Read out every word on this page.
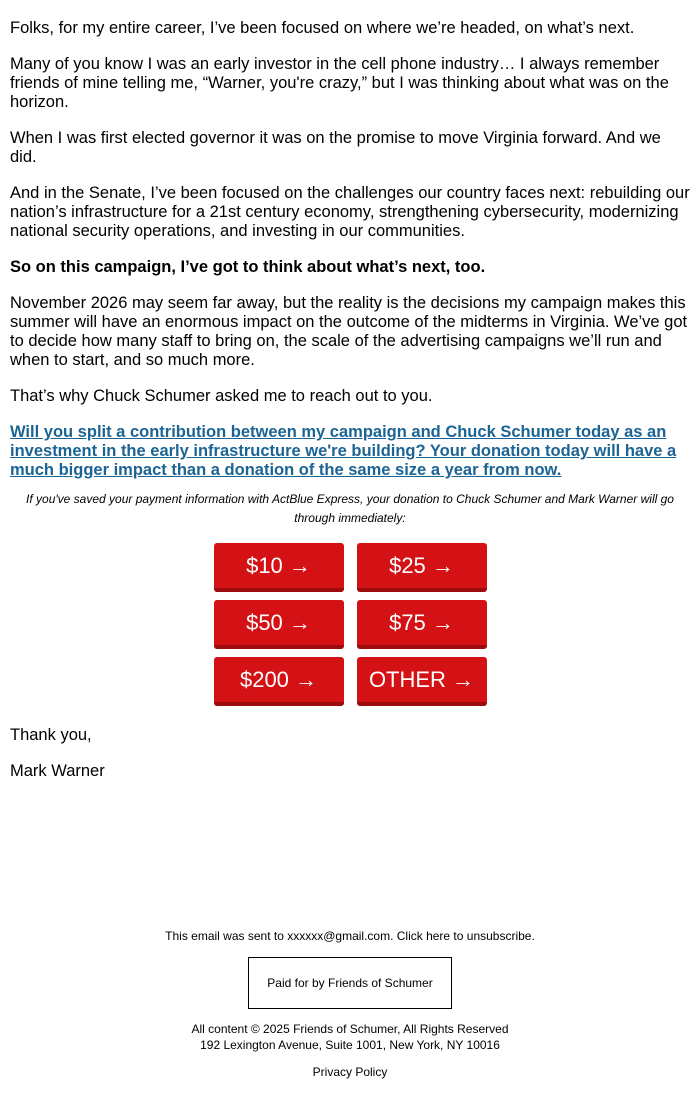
Folks, for my entire career, I’ve been focused on where we’re headed, on what’s next.

Many of you know I was an early investor in the cell phone industry… I always remember friends of mine telling me, “Warner, you're crazy,” but I was thinking about what was on the horizon.

When I was first elected governor it was on the promise to move Virginia forward. And we did.

And in the Senate, I’ve been focused on the challenges our country faces next: rebuilding our nation’s infrastructure for a 21st century economy, strengthening cybersecurity, modernizing national security operations, and investing in our communities.

So on this campaign, I’ve got to think about what’s next, too.

November 2026 may seem far away, but the reality is the decisions my campaign makes this summer will have an enormous impact on the outcome of the midterms in Virginia. We’ve got to decide how many staff to bring on, the scale of the advertising campaigns we’ll run and when to start, and so much more.

That’s why Chuck Schumer asked me to reach out to you.

Will you split a contribution between my campaign and Chuck Schumer today as an investment in the early infrastructure we're building? Your donation today will have a much bigger impact than a donation of the same size a year from now.

If you've saved your payment information with ActBlue Express, your donation to Chuck Schumer and Mark Warner will go through immediately:

$10 →	$25 →
$50 →	$75 →
$200 →	OTHER →

Thank you,

Mark Warner

This email was sent to xxxxxx@gmail.com. Click here to unsubscribe.

Paid for by Friends of Schumer

All content © 2025 Friends of Schumer, All Rights Reserved
192 Lexington Avenue, Suite 1001, New York, NY 10016

Privacy Policy
